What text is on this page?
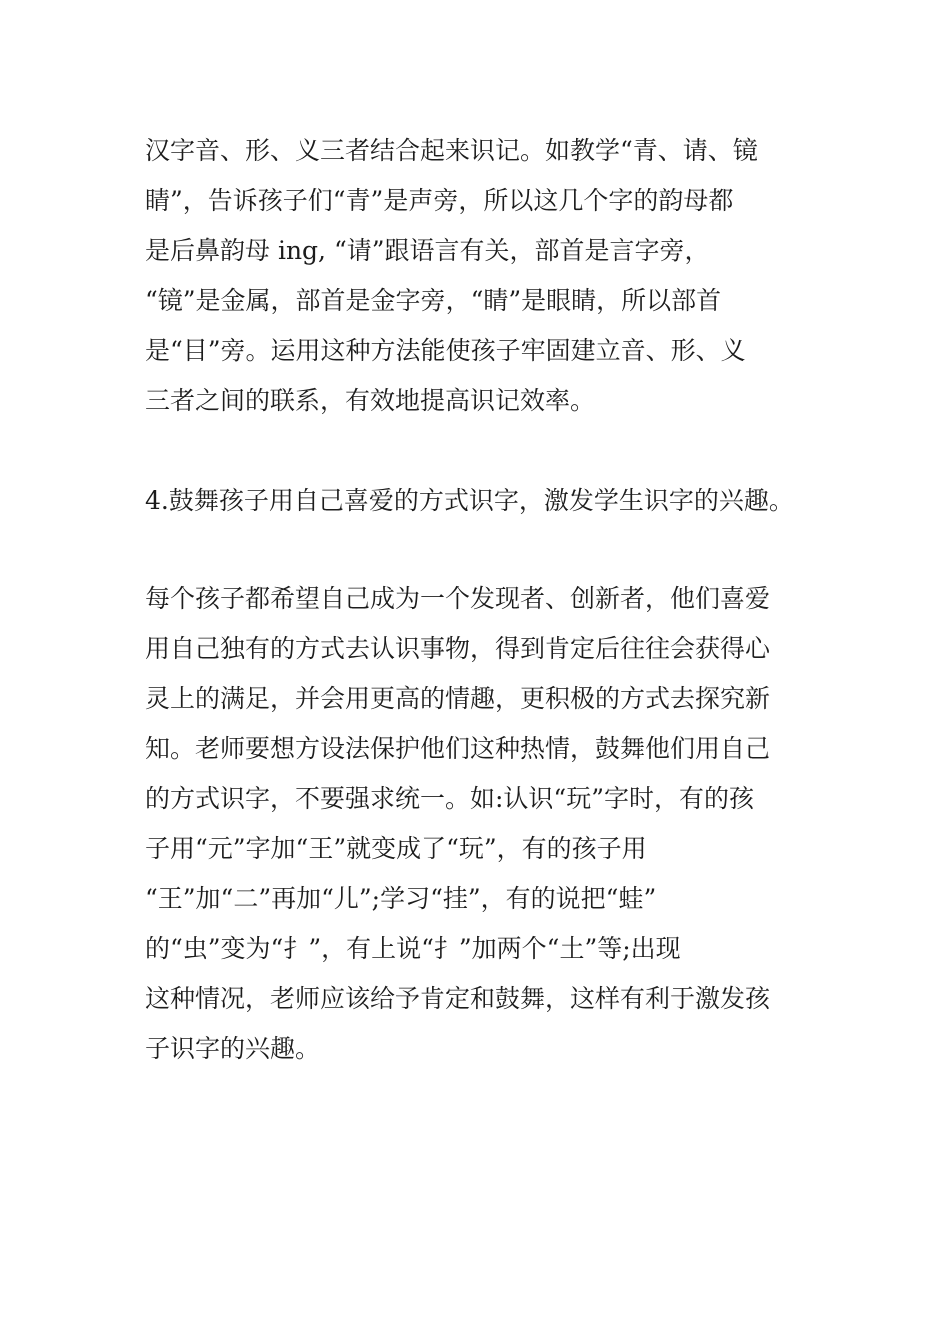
汉字音、形、义三者结合起来识记。如教学“青、请、镜

睛”，告诉孩子们“青”是声旁，所以这几个字的韵母都

是后鼻韵母 ing, “请”跟语言有关，部首是言字旁，

“镜”是金属，部首是金字旁，“睛”是眼睛，所以部首

是“目”旁。运用这种方法能使孩子牢固建立音、形、义

三者之间的联系，有效地提高识记效率。

4.鼓舞孩子用自己喜爱的方式识字，激发学生识字的兴趣。

每个孩子都希望自己成为一个发现者、创新者，他们喜爱

用自己独有的方式去认识事物，得到肯定后往往会获得心

灵上的满足，并会用更高的情趣，更积极的方式去探究新

知。老师要想方设法保护他们这种热情，鼓舞他们用自己

的方式识字，不要强求统一。如:认识“玩”字时，有的孩

子用“元”字加“王”就变成了“玩”，有的孩子用

“王”加“二”再加“儿”;学习“挂”，有的说把“蛙”

的“虫”变为“扌”，有上说“扌”加两个“土”等;出现

这种情况，老师应该给予肯定和鼓舞，这样有利于激发孩

子识字的兴趣。
